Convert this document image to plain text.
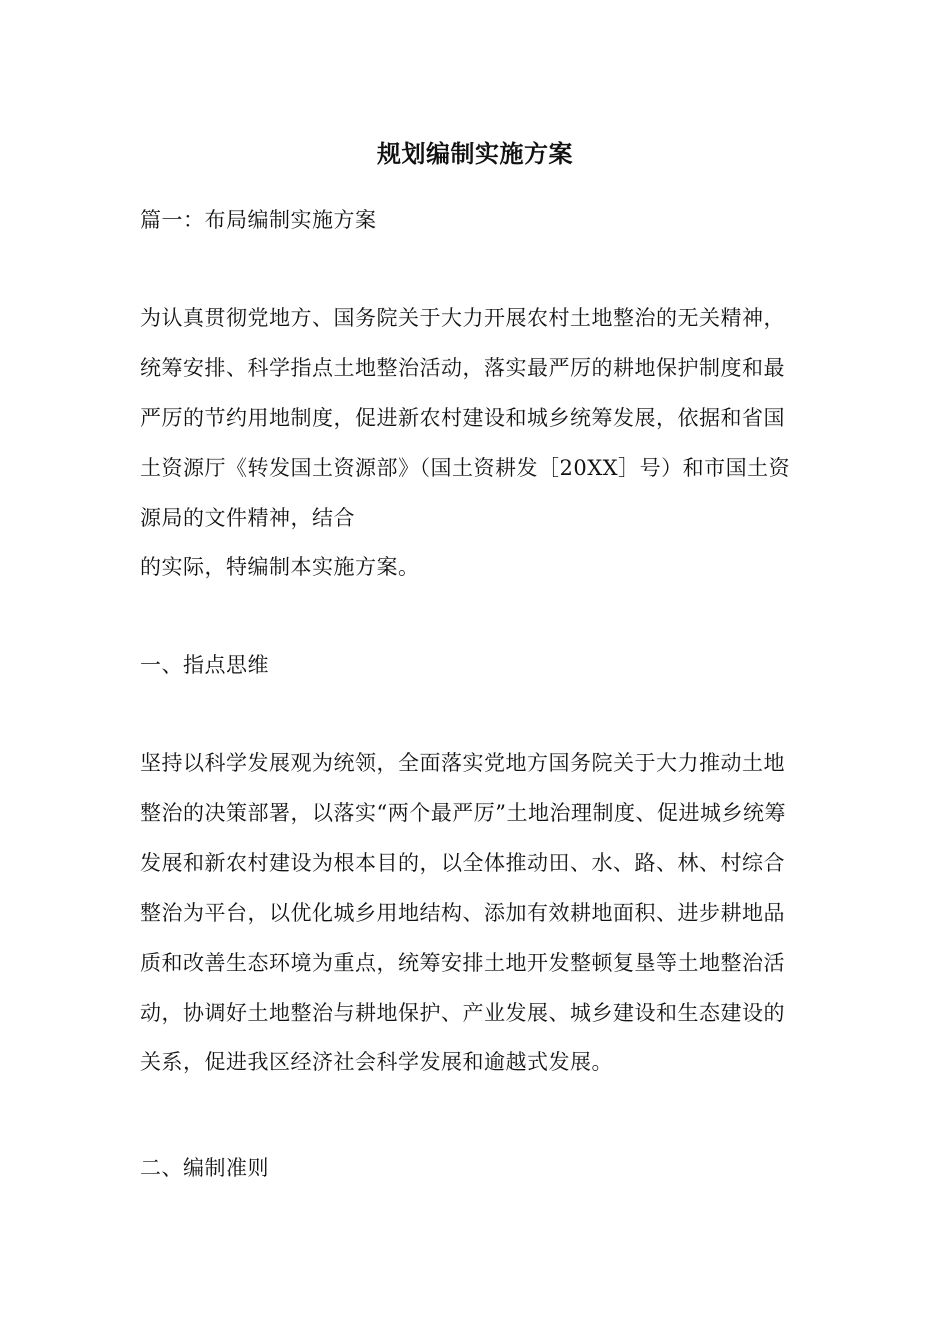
规划编制实施方案
篇一：布局编制实施方案
为认真贯彻党地方、国务院关于大力开展农村土地整治的无关精神，
统筹安排、科学指点土地整治活动，落实最严厉的耕地保护制度和最
严厉的节约用地制度，促进新农村建设和城乡统筹发展，依据和省国
土资源厅《转发国土资源部》（国土资耕发［20XX］号）和市国土资
源局的文件精神，结合
的实际，特编制本实施方案。
一、指点思维
坚持以科学发展观为统领，全面落实党地方国务院关于大力推动土地
整治的决策部署，以落实“两个最严厉”土地治理制度、促进城乡统筹
发展和新农村建设为根本目的，以全体推动田、水、路、林、村综合
整治为平台，以优化城乡用地结构、添加有效耕地面积、进步耕地品
质和改善生态环境为重点，统筹安排土地开发整顿复垦等土地整治活
动，协调好土地整治与耕地保护、产业发展、城乡建设和生态建设的
关系，促进我区经济社会科学发展和逾越式发展。
二、编制准则
